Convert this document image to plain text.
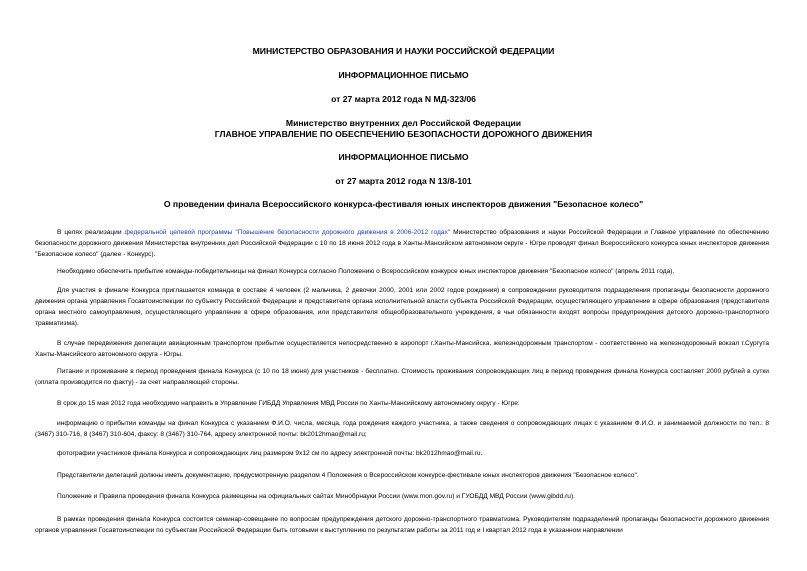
МИНИСТЕРСТВО ОБРАЗОВАНИЯ И НАУКИ РОССИЙСКОЙ ФЕДЕРАЦИИ
ИНФОРМАЦИОННОЕ ПИСЬМО
от 27 марта 2012 года N МД-323/06
Министерство внутренних дел Российской Федерации
ГЛАВНОЕ УПРАВЛЕНИЕ ПО ОБЕСПЕЧЕНИЮ БЕЗОПАСНОСТИ ДОРОЖНОГО ДВИЖЕНИЯ
ИНФОРМАЦИОННОЕ ПИСЬМО
от 27 марта 2012 года N 13/8-101
О проведении финала Всероссийского конкурса-фестиваля юных инспекторов движения "Безопасное колесо"
В целях реализации федеральной целевой программы "Повышение безопасности дорожного движения в 2006-2012 годах" Министерство образования и науки Российской Федерации и Главное управление по обеспечению безопасности дорожного движения Министерства внутренних дел Российской Федерации с 10 по 18 июня 2012 года в Ханты-Мансийском автономном округе - Югре проводят финал Всероссийского конкурса юных инспекторов движения "Безопасное колесо" (далее - Конкурс).
Необходимо обеспечить прибытие команды-победительницы на финал Конкурса согласно Положению о Всероссийском конкурсе юных инспекторов движения "Безопасное колесо" (апрель 2011 года).
Для участия в финале Конкурса приглашается команда в составе 4 человек (2 мальчика, 2 девочки 2000, 2001 или 2002 годов рождения) в сопровождении руководителя подразделения пропаганды безопасности дорожного движения органа управления Госавтоинспекции по субъекту Российской Федерации и представителя органа исполнительной власти субъекта Российской Федерации, осуществляющего управление в сфере образования (представителя органа местного самоуправления, осуществляющего управление в сфере образования, или представителя общеобразовательного учреждения, в чьи обязанности входят вопросы предупреждения детского дорожно-транспортного травматизма).
В случае передвижения делегации авиационным транспортом прибытие осуществляется непосредственно в аэропорт г.Ханты-Мансийска, железнодорожным транспортом - соответственно на железнодорожный вокзал г.Сургута Ханты-Мансийского автономного округа - Югры.
Питание и проживание в период проведения финала Конкурса (с 10 по 18 июня) для участников - бесплатно. Стоимость проживания сопровождающих лиц в период проведения финала Конкурса составляет 2000 рублей в сутки (оплата производится по факту) - за счет направляющей стороны.
В срок до 15 мая 2012 года необходимо направить в Управление ГИБДД Управления МВД России по Ханты-Мансийскому автономному округу - Югре:
информацию о прибытии команды на финал Конкурса с указанием Ф.И.О. числа, месяца, года рождения каждого участника, а также сведения о сопровождающих лицах с указанием Ф.И.О. и занимаемой должности по тел.: 8 (3467) 310-716, 8 (3467) 310-604, факсу: 8 (3467) 310-764, адресу электронной почты: bk2012hmao@mail.ru;
фотографии участников финала Конкурса и сопровождающих лиц размером 9x12 см по адресу электронной почты: bk2012hmao@mail.ru.
Представители делегаций должны иметь документацию, предусмотренную разделом 4 Положения о Всероссийском конкурсе-фестивале юных инспекторов движения "Безопасное колесо".
Положение и Правила проведения финала Конкурса размещены на официальных сайтах Минобрнауки России (www.mon.gov.ru) и ГУОБДД МВД России (www.gibdd.ru).
В рамках проведения финала Конкурса состоится семинар-совещание по вопросам предупреждения детского дорожно-транспортного травматизма. Руководителям подразделений пропаганды безопасности дорожного движения органов управления Госавтоинспекции по субъектам Российской Федерации быть готовыми к выступлению по результатам работы за 2011 год и I квартал 2012 года в указанном направлении
